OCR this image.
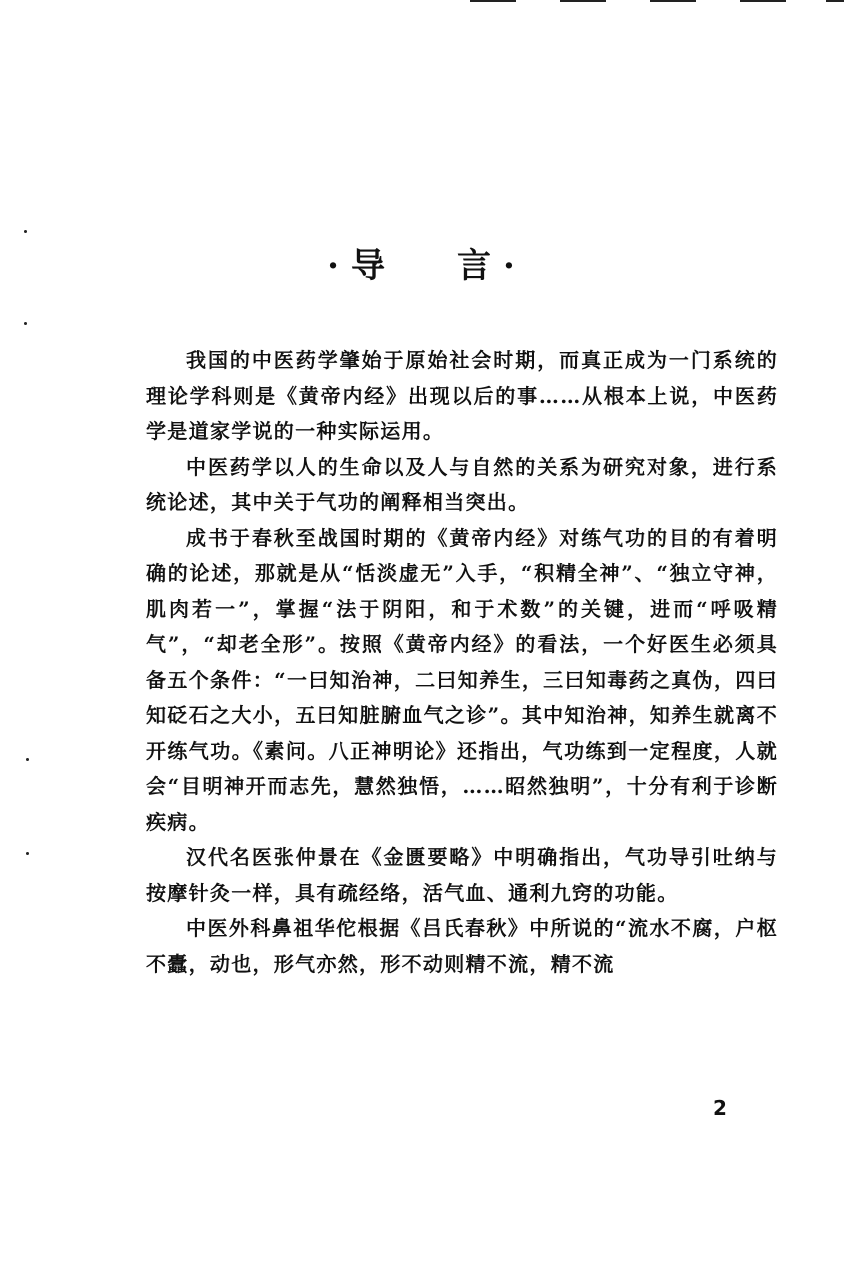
· 导 言 ·

我国的中医药学肇始于原始社会时期，而真正成为一门系统的理论学科则是《黄帝内经》出现以后的事……从根本上说，中医药学是道家学说的一种实际运用。

中医药学以人的生命以及人与自然的关系为研究对象，进行系统论述，其中关于气功的阐释相当突出。

成书于春秋至战国时期的《黄帝内经》对练气功的目的有着明确的论述，那就是从“恬淡虚无”入手，“积精全神”、“独立守神，肌肉若一”，掌握“法于阴阳，和于术数”的关键，进而“呼吸精气”，“却老全形”。按照《黄帝内经》的看法，一个好医生必须具备五个条件：“一曰知治神，二曰知养生，三曰知毒药之真伪，四曰知砭石之大小，五曰知脏腑血气之诊”。其中知治神，知养生就离不开练气功。《素问。八正神明论》还指出，气功练到一定程度，人就会“目明神开而志先，慧然独悟，……昭然独明”，十分有利于诊断疾病。

汉代名医张仲景在《金匮要略》中明确指出，气功导引吐纳与按摩针灸一样，具有疏经络，活气血、通利九窍的功能。

中医外科鼻祖华佗根据《吕氏春秋》中所说的“流水不腐，户枢不蠹，动也，形气亦然，形不动则精不流，精不流

2
